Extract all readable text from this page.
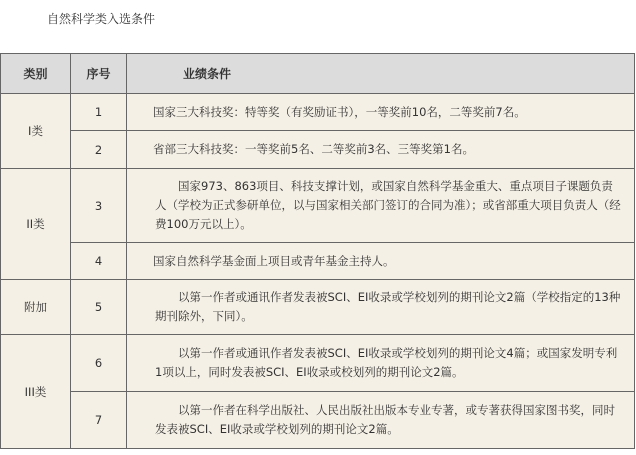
自然科学类入选条件
类别	序号	业绩条件
I类	1	国家三大科技奖：特等奖（有奖励证书），一等奖前10名，二等奖前7名。
	2	省部三大科技奖：一等奖前5名、二等奖前3名、三等奖第1名。
II类	3	国家973、863项目、科技支撑计划，或国家自然科学基金重大、重点项目子课题负责人（学校为正式参研单位，以与国家相关部门签订的合同为准）；或省部重大项目负责人（经费100万元以上）。
	4	国家自然科学基金面上项目或青年基金主持人。
附加	5	以第一作者或通讯作者发表被SCI、EI收录或学校划列的期刊论文2篇（学校指定的13种期刊除外，下同）。
III类	6	以第一作者或通讯作者发表被SCI、EI收录或学校划列的期刊论文4篇；或国家发明专利1项以上，同时发表被SCI、EI收录或校划列的期刊论文2篇。
	7	以第一作者在科学出版社、人民出版社出版本专业专著，或专著获得国家图书奖，同时发表被SCI、EI收录或学校划列的期刊论文2篇。
